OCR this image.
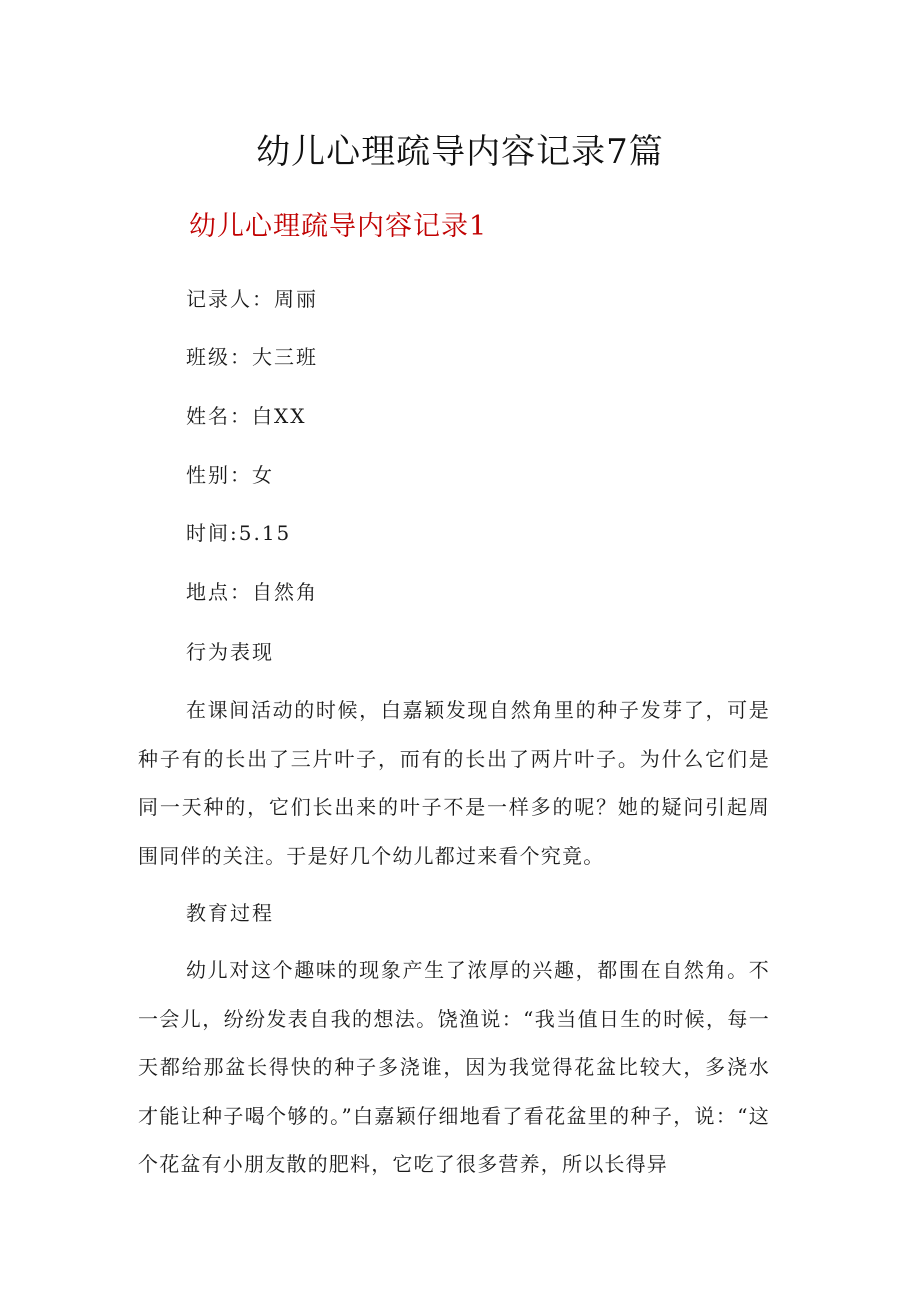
幼儿心理疏导内容记录7篇
幼儿心理疏导内容记录1

记录人：周丽

班级：大三班

姓名：白XX

性别：女

时间:5.15

地点：自然角

行为表现

在课间活动的时候，白嘉颖发现自然角里的种子发芽了，可是种子有的长出了三片叶子，而有的长出了两片叶子。为什么它们是同一天种的，它们长出来的叶子不是一样多的呢？她的疑问引起周围同伴的关注。于是好几个幼儿都过来看个究竟。

教育过程

幼儿对这个趣味的现象产生了浓厚的兴趣，都围在自然角。不一会儿，纷纷发表自我的想法。饶渔说：“我当值日生的时候，每一天都给那盆长得快的种子多浇谁，因为我觉得花盆比较大，多浇水才能让种子喝个够的。”白嘉颖仔细地看了看花盆里的种子，说：“这个花盆有小朋友散的肥料，它吃了很多营养，所以长得异
